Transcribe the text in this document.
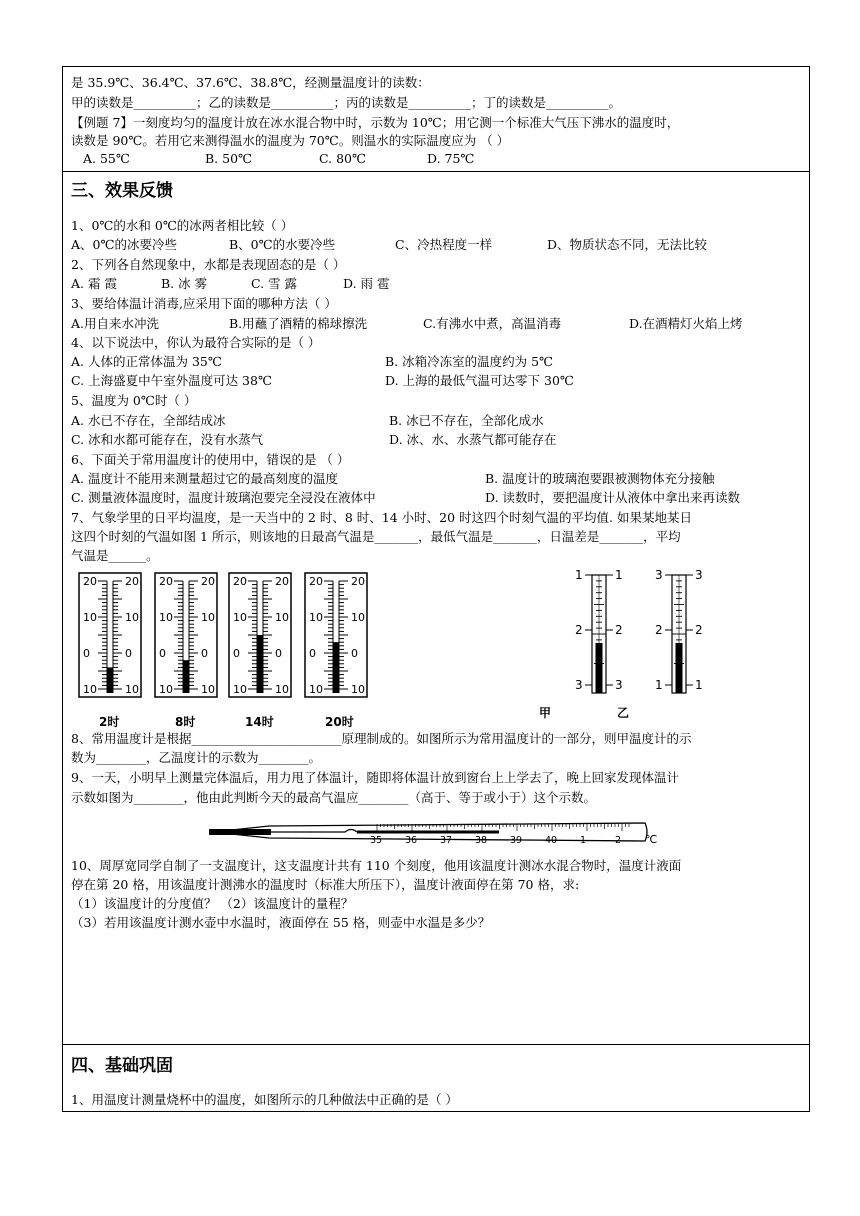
是 35.9℃、36.4℃、37.6℃、38.8℃，经测量温度计的读数：
甲的读数是__________；乙的读数是__________；丙的读数是__________；丁的读数是__________。
【例题 7】一刻度均匀的温度计放在冰水混合物中时，示数为 10℃；用它测一个标准大气压下沸水的温度时，
读数是 90℃。若用它来测得温水的温度为 70℃。则温水的实际温度应为 （ ）
A. 55℃	B. 50℃	C. 80℃	D. 75℃
三、效果反馈
1、0℃的水和 0℃的冰两者相比较（ ）
A、0℃的冰要冷些	B、0℃的水要冷些	C、冷热程度一样	D、物质状态不同，无法比较
2、下列各自然现象中，水都是表现固态的是（ ）
A. 霜 霞	B. 冰 雾	C. 雪 露	D. 雨 雹
3、要给体温计消毒,应采用下面的哪种方法（ ）
A.用自来水冲洗	B.用蘸了酒精的棉球擦洗	C.有沸水中煮，高温消毒	D.在酒精灯火焰上烤
4、以下说法中，你认为最符合实际的是（ ）
A. 人体的正常体温为 35℃	B. 冰箱冷冻室的温度约为 5℃
C. 上海盛夏中午室外温度可达 38℃	D. 上海的最低气温可达零下 30℃
5、温度为 0℃时（ ）
A. 水已不存在，全部结成冰	B. 冰已不存在，全部化成水
C. 冰和水都可能存在，没有水蒸气	D. 冰、水、水蒸气都可能存在
6、下面关于常用温度计的使用中，错误的是 （ ）
A. 温度计不能用来测量超过它的最高刻度的温度	B. 温度计的玻璃泡要跟被测物体充分接触
C. 测量液体温度时，温度计玻璃泡要完全浸没在液体中	D. 读数时，要把温度计从液体中拿出来再读数
7、气象学里的日平均温度，是一天当中的 2 时、8 时、14 小时、20 时这四个时刻气温的平均值. 如果某地某日
这四个时刻的气温如图 1 所示，则该地的日最高气温是_______，最低气温是_______，日温差是_______，平均
气温是______。
20	20
10	10
0	0
10	10
20	20
10	10
0	0
10	10
20	20
10	10
0	0
10	10
20	20
10	10
0	0
10	10
2时	8时	14时	20时
1	1
2	2
3	3
3	3
2	2
1	1
甲	乙
8、常用温度计是根据________________________原理制成的。如图所示为常用温度计的一部分，则甲温度计的示
数为________，乙温度计的示数为________。
9、一天，小明早上测量完体温后，用力甩了体温计，随即将体温计放到窗台上上学去了，晚上回家发现体温计
示数如图为________，他由此判断今天的最高气温应________（高于、等于或小于）这个示数。
35 36 37 38 39 40 1	2 ℃
10、周厚宽同学自制了一支温度计，这支温度计共有 110 个刻度，他用该温度计测冰水混合物时，温度计液面
停在第 20 格，用该温度计测沸水的温度时（标准大所压下），温度计液面停在第 70 格，求:
（1）该温度计的分度值？ （2）该温度计的量程？
（3）若用该温度计测水壶中水温时，液面停在 55 格，则壶中水温是多少？
四、基础巩固
1、用温度计测量烧杯中的温度，如图所示的几种做法中正确的是（ ）
